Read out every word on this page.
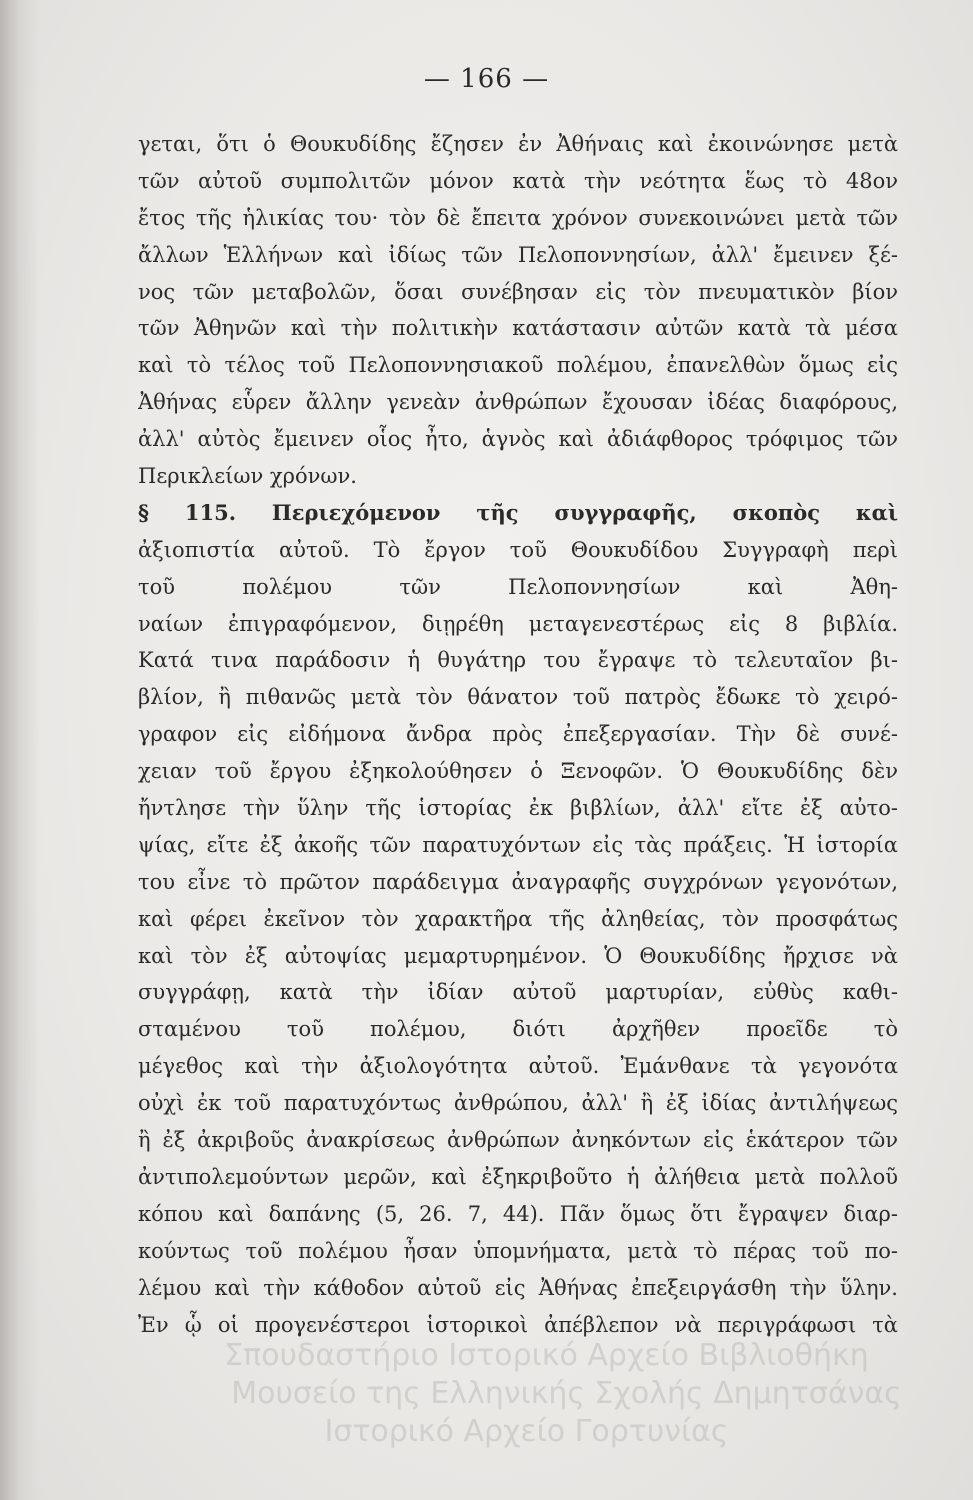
— 166 —
γεται, ὅτι ὁ Θουκυδίδης ἔζησεν ἐν Ἀθήναις καὶ ἐκοινώνησε μετὰ
τῶν αὐτοῦ συμπολιτῶν μόνον κατὰ τὴν νεότητα ἕως τὸ 48ον
ἔτος τῆς ἡλικίας του· τὸν δὲ ἔπειτα χρόνον συνεκοινώνει μετὰ τῶν
ἄλλων Ἑλλήνων καὶ ἰδίως τῶν Πελοποννησίων, ἀλλ' ἔμεινεν ξέ-
νος τῶν μεταβολῶν, ὅσαι συνέβησαν εἰς τὸν πνευματικὸν βίον
τῶν Ἀθηνῶν καὶ τὴν πολιτικὴν κατάστασιν αὐτῶν κατὰ τὰ μέσα
καὶ τὸ τέλος τοῦ Πελοποννησιακοῦ πολέμου, ἐπανελθὼν ὅμως εἰς
Ἀθήνας εὗρεν ἄλλην γενεὰν ἀνθρώπων ἔχουσαν ἰδέας διαφόρους,
ἀλλ' αὐτὸς ἔμεινεν οἷος ἦτο, ἁγνὸς καὶ ἀδιάφθορος τρόφιμος τῶν
Περικλείων χρόνων.
§ 115. Περιεχόμενον τῆς συγγραφῆς, σκοπὸς καὶ
ἀξιοπιστία αὐτοῦ. Τὸ ἔργον τοῦ Θουκυδίδου Συγγραφὴ περὶ
τοῦ πολέμου τῶν Πελοποννησίων καὶ Ἀθη-
ναίων ἐπιγραφόμενον, διῃρέθη μεταγενεστέρως εἰς 8 βιβλία.
Κατά τινα παράδοσιν ἡ θυγάτηρ του ἔγραψε τὸ τελευταῖον βι-
βλίον, ἢ πιθανῶς μετὰ τὸν θάνατον τοῦ πατρὸς ἔδωκε τὸ χειρό-
γραφον εἰς εἰδήμονα ἄνδρα πρὸς ἐπεξεργασίαν. Τὴν δὲ συνέ-
χειαν τοῦ ἔργου ἐξηκολούθησεν ὁ Ξενοφῶν. Ὁ Θουκυδίδης δὲν
ἤντλησε τὴν ὕλην τῆς ἱστορίας ἐκ βιβλίων, ἀλλ' εἴτε ἐξ αὐτο-
ψίας, εἴτε ἐξ ἀκοῆς τῶν παρατυχόντων εἰς τὰς πράξεις. Ἡ ἱστορία
του εἶνε τὸ πρῶτον παράδειγμα ἀναγραφῆς συγχρόνων γεγονότων,
καὶ φέρει ἐκεῖνον τὸν χαρακτῆρα τῆς ἀληθείας, τὸν προσφάτως
καὶ τὸν ἐξ αὐτοψίας μεμαρτυρημένον. Ὁ Θουκυδίδης ἤρχισε νὰ
συγγράφῃ, κατὰ τὴν ἰδίαν αὐτοῦ μαρτυρίαν, εὐθὺς καθι-
σταμένου τοῦ πολέμου, διότι ἀρχῆθεν προεῖδε τὸ
μέγεθος καὶ τὴν ἀξιολογότητα αὐτοῦ. Ἐμάνθανε τὰ γεγονότα
οὐχὶ ἐκ τοῦ παρατυχόντως ἀνθρώπου, ἀλλ' ἢ ἐξ ἰδίας ἀντιλήψεως
ἢ ἐξ ἀκριβοῦς ἀνακρίσεως ἀνθρώπων ἀνηκόντων εἰς ἑκάτερον τῶν
ἀντιπολεμούντων μερῶν, καὶ ἐξηκριβοῦτο ἡ ἀλήθεια μετὰ πολλοῦ
κόπου καὶ δαπάνης (5, 26. 7, 44). Πᾶν ὅμως ὅτι ἔγραψεν διαρ-
κούντως τοῦ πολέμου ἦσαν ὑπομνήματα, μετὰ τὸ πέρας τοῦ πο-
λέμου καὶ τὴν κάθοδον αὐτοῦ εἰς Ἀθήνας ἐπεξειργάσθη τὴν ὕλην.
Ἐν ᾧ οἱ προγενέστεροι ἱστορικοὶ ἀπέβλεπον νὰ περιγράφωσι τὰ
Σπουδαστήριο Ιστορικό Αρχείο Βιβλιοθήκη
Μουσείο της Ελληνικής Σχολής Δημητσάνας
Ιστορικό Αρχείο Γορτυνίας
